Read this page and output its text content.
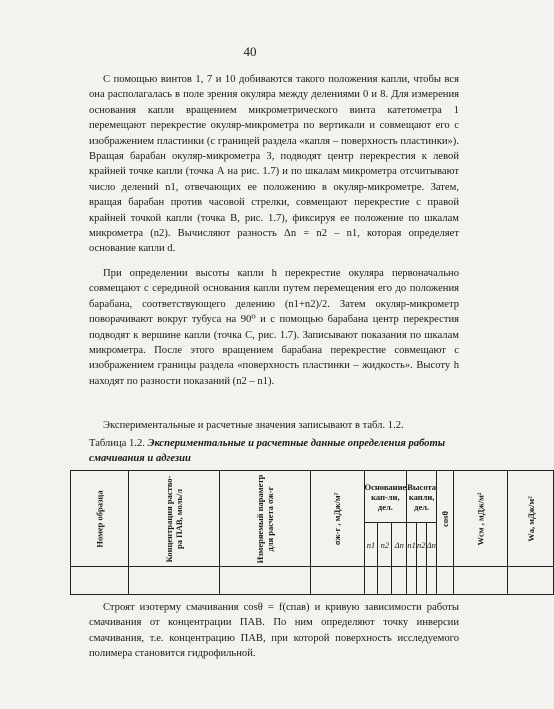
40

С помощью винтов 1, 7 и 10 добиваются такого положения капли, чтобы вся она располагалась в поле зрения окуляра между делениями 0 и 8. Для измерения основания капли вращением микрометрического винта катетометра 1 перемещают перекрестие окуляр-микрометра по вертикали и совмещают его с изображением пластинки (с границей раздела «капля – поверхность пластинки»). Вращая барабан окуляр-микрометра 3, подводят центр перекрестия к левой крайней точке капли (точка А на рис. 1.7) и по шкалам микрометра отсчитывают число делений n1, отвечающих ее положению в окуляр-микрометре. Затем, вращая барабан против часовой стрелки, совмещают перекрестие с правой крайней точкой капли (точка В, рис. 1.7), фиксируя ее положение по шкалам микрометра (n2). Вычисляют разность Δn = n2 – n1, которая определяет основание капли d.

При определении высоты капли h перекрестие окуляра первоначально совмещают с серединой основания капли путем перемещения его до положения барабана, соответствующего делению (n1+n2)/2. Затем окуляр-микрометр поворачивают вокруг тубуса на 90⁰ и с помощью барабана центр перекрестия подводят к вершине капли (точка С, рис. 1.7). Записывают показания по шкалам микрометра. После этого вращением барабана перекрестие совмещают с изображением границы раздела «поверхность пластинки – жидкость». Высоту h находят по разности показаний (n2 – n1).

Экспериментальные и расчетные значения записывают в табл. 1.2.

Таблица 1.2. Экспериментальные и расчетные данные определения работы смачивания и адгезии
Номер образца	Концентрация раство-ра ПАВ, моль/л	Измеряемый параметр для расчета σж-г	σж-г , мДж/м²	Основание кап-ли, дел.			Высота капли, дел.			cosθ	Wсм , мДж/м²	Wа, мДж/м²

				n1	n2	Δn	n1	n2	Δn			

Строят изотерму смачивания cosθ = f(cпав) и кривую зависимости работы смачивания от концентрации ПАВ. По ним определяют точку инверсии смачивания, т.е. концентрацию ПАВ, при которой поверхность исследуемого полимера становится гидрофильной.
